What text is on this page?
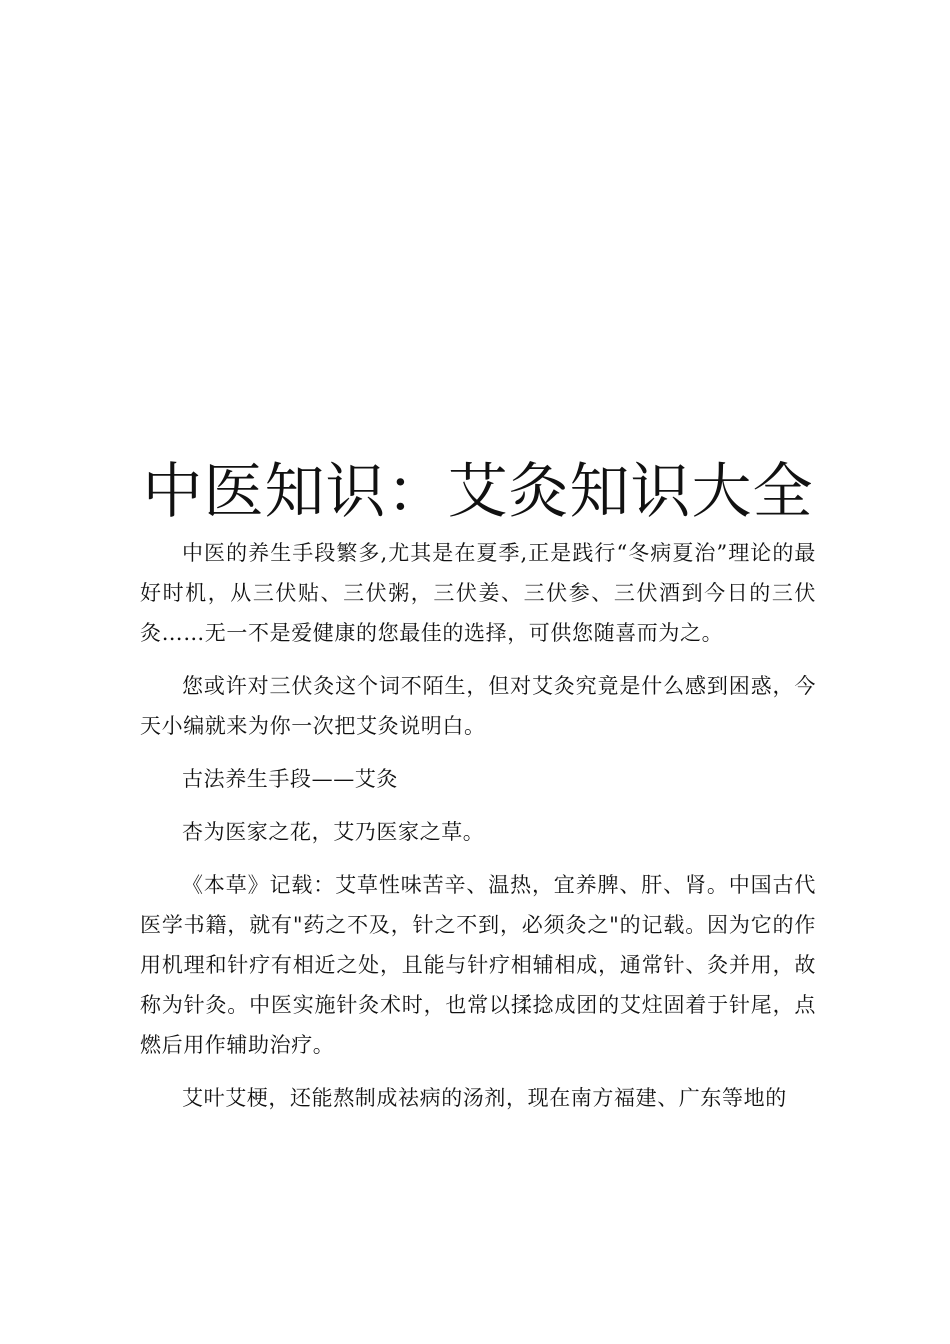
中医知识：艾灸知识大全

中医的养生手段繁多,尤其是在夏季,正是践行“冬病夏治”理论的最好时机，从三伏贴、三伏粥，三伏姜、三伏参、三伏酒到今日的三伏灸……无一不是爱健康的您最佳的选择，可供您随喜而为之。

您或许对三伏灸这个词不陌生，但对艾灸究竟是什么感到困惑，今天小编就来为你一次把艾灸说明白。

古法养生手段——艾灸

杏为医家之花，艾乃医家之草。

《本草》记载：艾草性味苦辛、温热，宜养脾、肝、肾。中国古代医学书籍，就有"药之不及，针之不到，必须灸之"的记载。因为它的作用机理和针疗有相近之处，且能与针疗相辅相成，通常针、灸并用，故称为针灸。中医实施针灸术时，也常以揉捻成团的艾炷固着于针尾，点燃后用作辅助治疗。

艾叶艾梗，还能熬制成祛病的汤剂，现在南方福建、广东等地的
